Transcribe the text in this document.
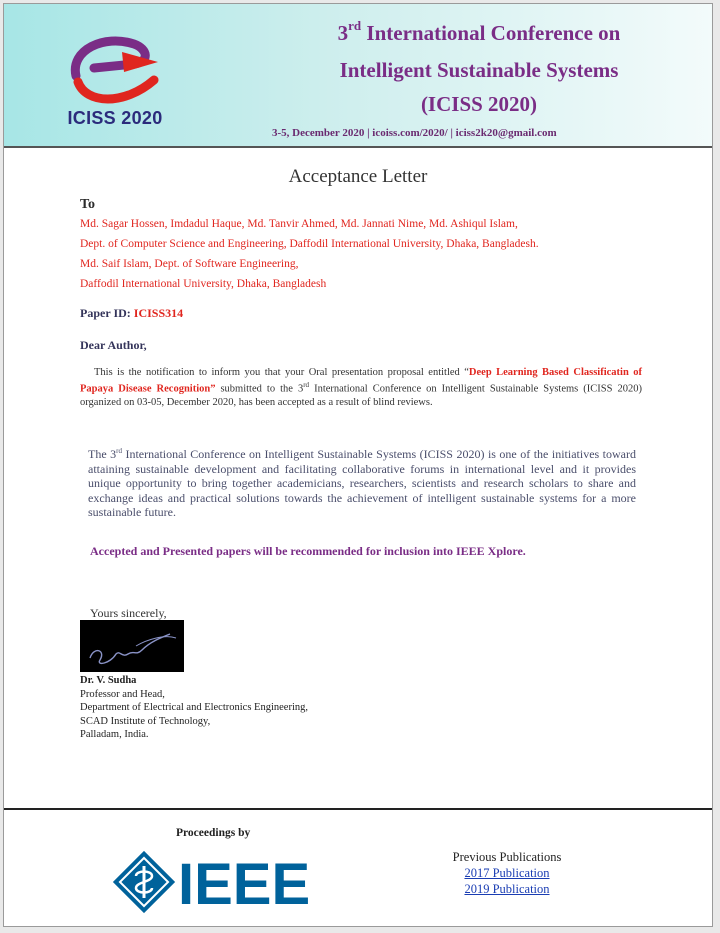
ICISS 2020
3rd International Conference on
Intelligent Sustainable Systems
(ICISS 2020)
3-5, December 2020 | icoiss.com/2020/ | iciss2k20@gmail.com
Acceptance Letter
To
Md. Sagar Hossen, Imdadul Haque, Md. Tanvir Ahmed, Md. Jannati Nime, Md. Ashiqul Islam,
Dept. of Computer Science and Engineering, Daffodil International University, Dhaka, Bangladesh.
Md. Saif Islam, Dept. of Software Engineering,
Daffodil International University, Dhaka, Bangladesh
Paper ID: ICISS314
Dear Author,
This is the notification to inform you that your Oral presentation proposal entitled “Deep Learning Based Classificatin of Papaya Disease Recognition” submitted to the 3rd International Conference on Intelligent Sustainable Systems (ICISS 2020) organized on 03-05, December 2020, has been accepted as a result of blind reviews.
The 3rd International Conference on Intelligent Sustainable Systems (ICISS 2020) is one of the initiatives toward attaining sustainable development and facilitating collaborative forums in international level and it provides unique opportunity to bring together academicians, researchers, scientists and research scholars to share and exchange ideas and practical solutions towards the achievement of intelligent sustainable systems for a more sustainable future.
Accepted and Presented papers will be recommended for inclusion into IEEE Xplore.
Yours sincerely,
Dr. V. Sudha
Professor and Head,
Department of Electrical and Electronics Engineering,
SCAD Institute of Technology,
Palladam, India.
Proceedings by
IEEE	Previous Publications
2017 Publication
2019 Publication
